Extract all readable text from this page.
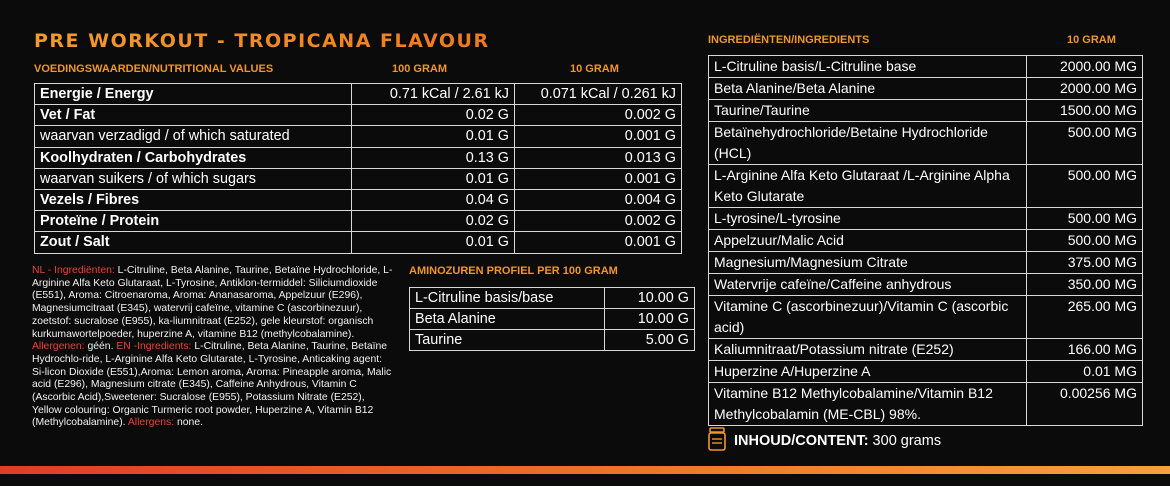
PRE WORKOUT - TROPICANA FLAVOUR
VOEDINGSWAARDEN/NUTRITIONAL VALUES	100 GRAM	10 GRAM
Energie / Energy	0.71 kCal / 2.61 kJ	0.071 kCal / 0.261 kJ
Vet / Fat	0.02 G	0.002 G
waarvan verzadigd / of which saturated	0.01 G	0.001 G
Koolhydraten / Carbohydrates	0.13 G	0.013 G
waarvan suikers / of which sugars	0.01 G	0.001 G
Vezels / Fibres	0.04 G	0.004 G
Proteïne / Protein	0.02 G	0.002 G
Zout / Salt	0.01 G	0.001 G
NL - Ingrediënten: L-Citruline, Beta Alanine, Taurine, Betaïne Hydrochloride, L-Arginine Alfa Keto Glutaraat, L-Tyrosine, Antiklon-termiddel: Siliciumdioxide (E551), Aroma: Citroenaroma, Aroma: Ananasaroma, Appelzuur (E296), Magnesiumcitraat (E345), watervrij cafeïne, vitamine C (ascorbinezuur), zoetstof: sucralose (E955), ka-liumnitraat (E252), gele kleurstof: organisch kurkumawortelpoeder, huperzine A, vitamine B12 (methylcobalamine). Allergenen: géén. EN -Ingredients: L-Citruline, Beta Alanine, Taurine, Betaïne Hydrochlo-ride, L-Arginine Alfa Keto Glutarate, L-Tyrosine, Anticaking agent: Si-licon Dioxide (E551),Aroma: Lemon aroma, Aroma: Pineapple aroma, Malic acid (E296), Magnesium citrate (E345), Caffeine Anhydrous, Vitamin C (Ascorbic Acid),Sweetener: Sucralose (E955), Potassium Nitrate (E252), Yellow colouring: Organic Turmeric root powder, Huperzine A, Vitamin B12 (Methylcobalamine). Allergens: none.
AMINOZUREN PROFIEL PER 100 GRAM
L-Citruline basis/base	10.00 G
Beta Alanine	10.00 G
Taurine	5.00 G
INGREDIËNTEN/INGREDIENTS	10 GRAM
L-Citruline basis/L-Citruline base	2000.00 MG
Beta Alanine/Beta Alanine	2000.00 MG
Taurine/Taurine	1500.00 MG
Betaïnehydrochloride/Betaine Hydrochloride (HCL)	500.00 MG
L-Arginine Alfa Keto Glutaraat /L-Arginine Alpha Keto Glutarate	500.00 MG
L-tyrosine/L-tyrosine	500.00 MG
Appelzuur/Malic Acid	500.00 MG
Magnesium/Magnesium Citrate	375.00 MG
Watervrije cafeïne/Caffeine anhydrous	350.00 MG
Vitamine C (ascorbinezuur)/Vitamin C (ascorbic acid)	265.00 MG
Kaliumnitraat/Potassium nitrate (E252)	166.00 MG
Huperzine A/Huperzine A	0.01 MG
Vitamine B12 Methylcobalamine/Vitamin B12 Methylcobalamin (ME-CBL) 98%.	0.00256 MG
INHOUD/CONTENT: 300 grams
